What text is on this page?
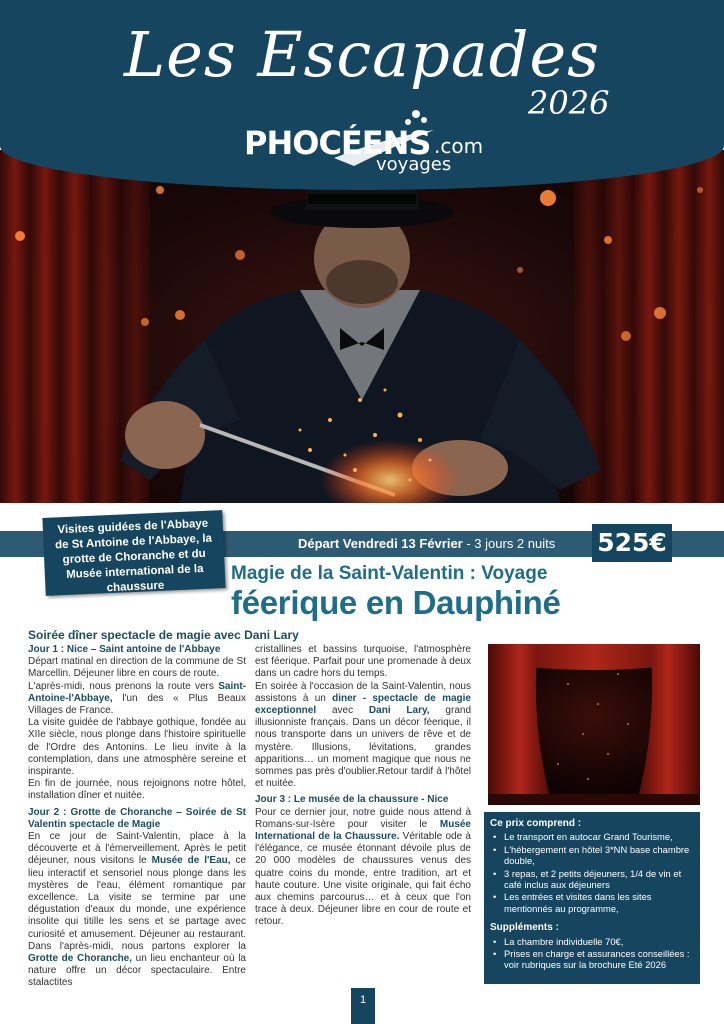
Les Escapades
2026
PHOCÉENS .com
voyages
Départ Vendredi 13 Février - 3 jours 2 nuits 525€
Visites guidées de l'Abbaye de St Antoine de l'Abbaye, la grotte de Choranche et du Musée international de la chaussure
Magie de la Saint-Valentin : Voyage
féerique en Dauphiné
Soirée dîner spectacle de magie avec Dani Lary

Jour 1 : Nice – Saint antoine de l'Abbaye

Départ matinal en direction de la commune de St Marcellin. Déjeuner libre en cours de route.

L'après-midi, nous prenons la route vers Saint-Antoine-l'Abbaye, l'un des « Plus Beaux Villages de France.

La visite guidée de l'abbaye gothique, fondée au XIIe siècle, nous plonge dans l'histoire spirituelle de l'Ordre des Antonins. Le lieu invite à la contemplation, dans une atmosphère sereine et inspirante.

En fin de journée, nous rejoignons notre hôtel, installation dîner et nuitée.

Jour 2 : Grotte de Choranche – Soirée de St Valentin spectacle de Magie

En ce jour de Saint-Valentin, place à la découverte et à l'émerveillement. Après le petit déjeuner, nous visitons le Musée de l'Eau, ce lieu interactif et sensoriel nous plonge dans les mystères de l'eau, élément romantique par excellence. La visite se termine par une dégustation d'eaux du monde, une expérience insolite qui titille les sens et se partage avec curiosité et amusement. Déjeuner au restaurant. Dans l'après-midi, nous partons explorer la Grotte de Choranche, un lieu enchanteur où la nature offre un décor spectaculaire. Entre stalactites

cristallines et bassins turquoise, l'atmosphère est féerique. Parfait pour une promenade à deux dans un cadre hors du temps.

En soirée à l'occasion de la Saint-Valentin, nous assistons à un diner - spectacle de magie exceptionnel avec Dani Lary, grand illusionniste français. Dans un décor féerique, il nous transporte dans un univers de rêve et de mystère. Illusions, lévitations, grandes apparitions… un moment magique que nous ne sommes pas près d'oublier.Retour tardif à l'hôtel et nuitée.

Jour 3 : Le musée de la chaussure - Nice

Pour ce dernier jour, notre guide nous attend à Romans-sur-Isère pour visiter le Musée International de la Chaussure. Véritable ode à l'élégance, ce musée étonnant dévoile plus de 20 000 modèles de chaussures venus des quatre coins du monde, entre tradition, art et haute couture. Une visite originale, qui fait écho aux chemins parcourus… et à ceux que l'on trace à deux. Déjeuner libre en cour de route et retour.

Ce prix comprend :
• Le transport en autocar Grand Tourisme,
• L'hébergement en hôtel 3*NN base chambre double,
• 3 repas, et 2 petits déjeuners, 1/4 de vin et café inclus aux déjeuners
• Les entrées et visites dans les sites mentionnés au programme,
Suppléments :
• La chambre individuelle 70€,
• Prises en charge et assurances conseillées : voir rubriques sur la brochure Eté 2026
1
